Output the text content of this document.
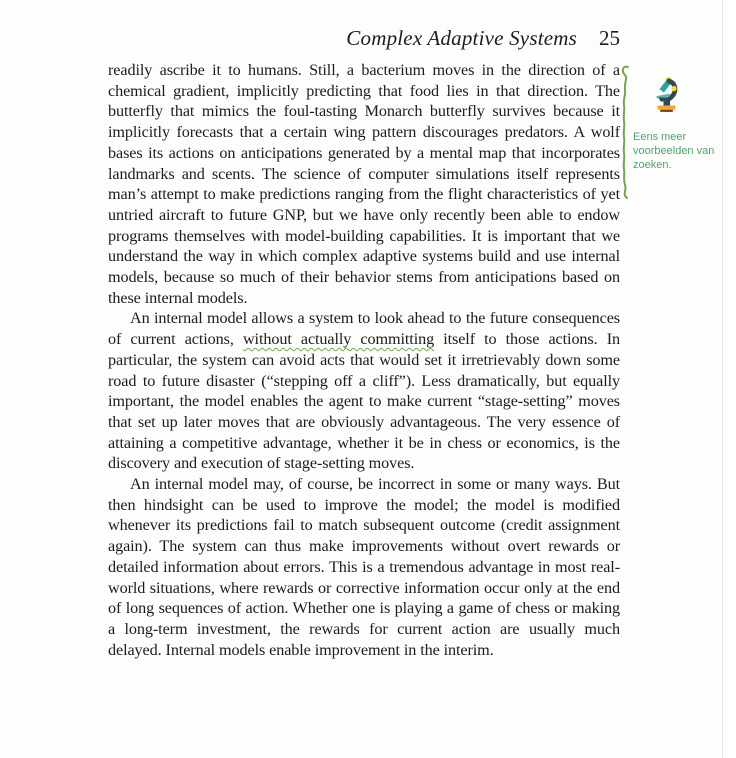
Complex Adaptive Systems 25

readily ascribe it to humans. Still, a bacterium moves in the direction of a chemical gradient, implicitly predicting that food lies in that direction. The butterfly that mimics the foul-tasting Monarch butterfly survives because it implicitly forecasts that a certain wing pattern discourages predators. A wolf bases its actions on anticipations generated by a mental map that incorporates landmarks and scents. The science of computer simulations itself represents man’s attempt to make predictions ranging from the flight characteristics of yet untried aircraft to future GNP, but we have only recently been able to endow programs themselves with model-building capabilities. It is important that we understand the way in which complex adaptive systems build and use internal models, because so much of their behavior stems from anticipations based on these internal models.

An internal model allows a system to look ahead to the future consequences of current actions, without actually committing itself to those actions. In particular, the system can avoid acts that would set it irretrievably down some road to future disaster (“stepping off a cliff”). Less dramatically, but equally important, the model enables the agent to make current “stage-setting” moves that set up later moves that are obviously advantageous. The very essence of attaining a competitive advantage, whether it be in chess or economics, is the discovery and execution of stage-setting moves.

An internal model may, of course, be incorrect in some or many ways. But then hindsight can be used to improve the model; the model is modified whenever its predictions fail to match subsequent outcome (credit assignment again). The system can thus make improvements without overt rewards or detailed information about errors. This is a tremendous advantage in most real-world situations, where rewards or corrective information occur only at the end of long sequences of action. Whether one is playing a game of chess or making a long-term investment, the rewards for current action are usually much delayed. Internal models enable improvement in the interim.

Eens meer voorbeelden van zoeken.
